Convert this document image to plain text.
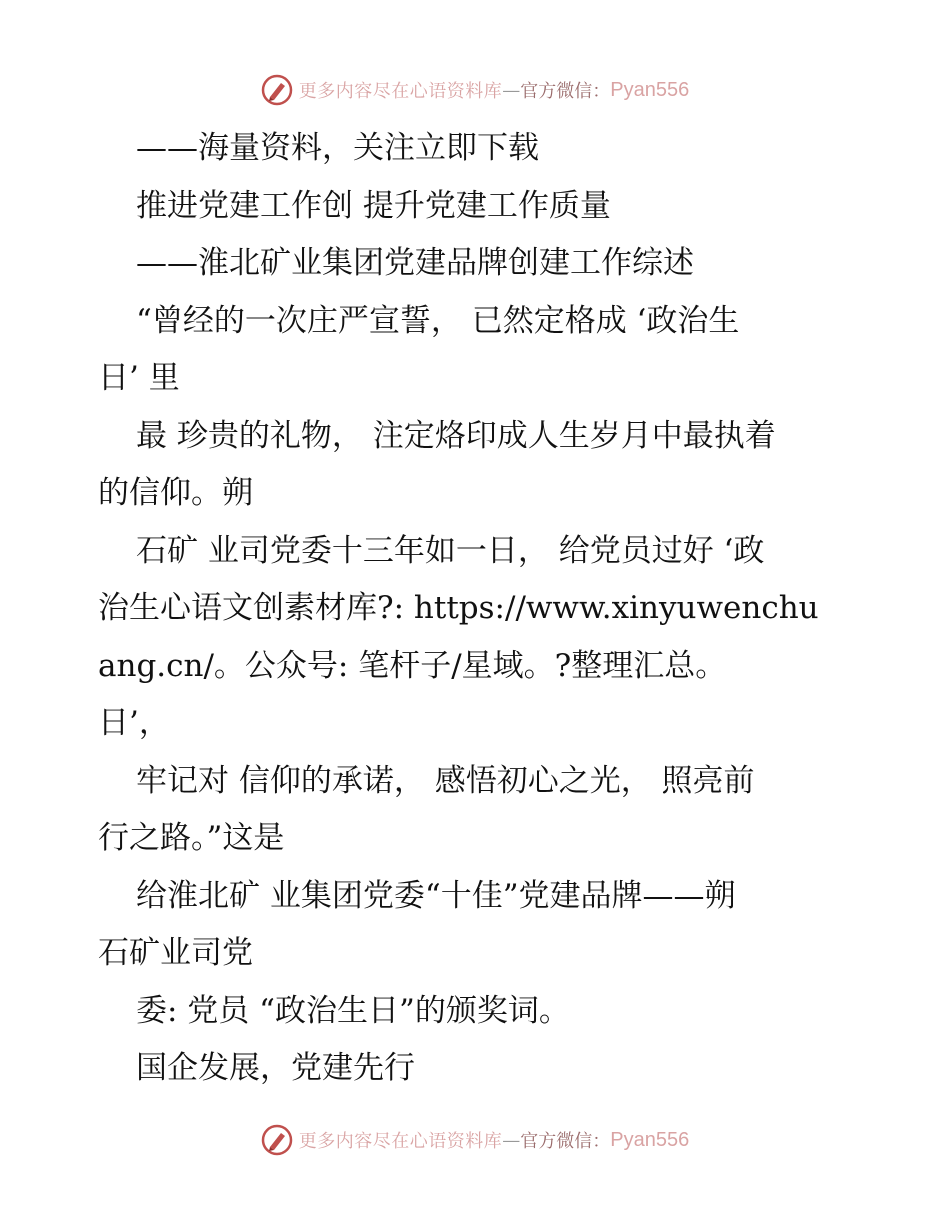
更多内容尽在心语资料库 — 官方微信： Pyan556
——海量资料，关注立即下载
推进党建工作创 提升党建工作质量
——淮北矿业集团党建品牌创建工作综述
“曾经的一次庄严宣誓， 已然定格成 ‘政治生
日’ 里
最 珍贵的礼物， 注定烙印成人生岁月中最执着
的信仰。朔
石矿 业司党委十三年如一日， 给党员过好 ‘政
治生心语文创素材库?: https://www.xinyuwenchu
ang.cn/。公众号: 笔杆子/星域。?整理汇总。
日’，
牢记对 信仰的承诺， 感悟初心之光， 照亮前
行之路。”这是
给淮北矿 业集团党委“十佳”党建品牌——朔
石矿业司党
委: 党员 “政治生日”的颁奖词。
国企发展，党建先行
更多内容尽在心语资料库 — 官方微信： Pyan556
